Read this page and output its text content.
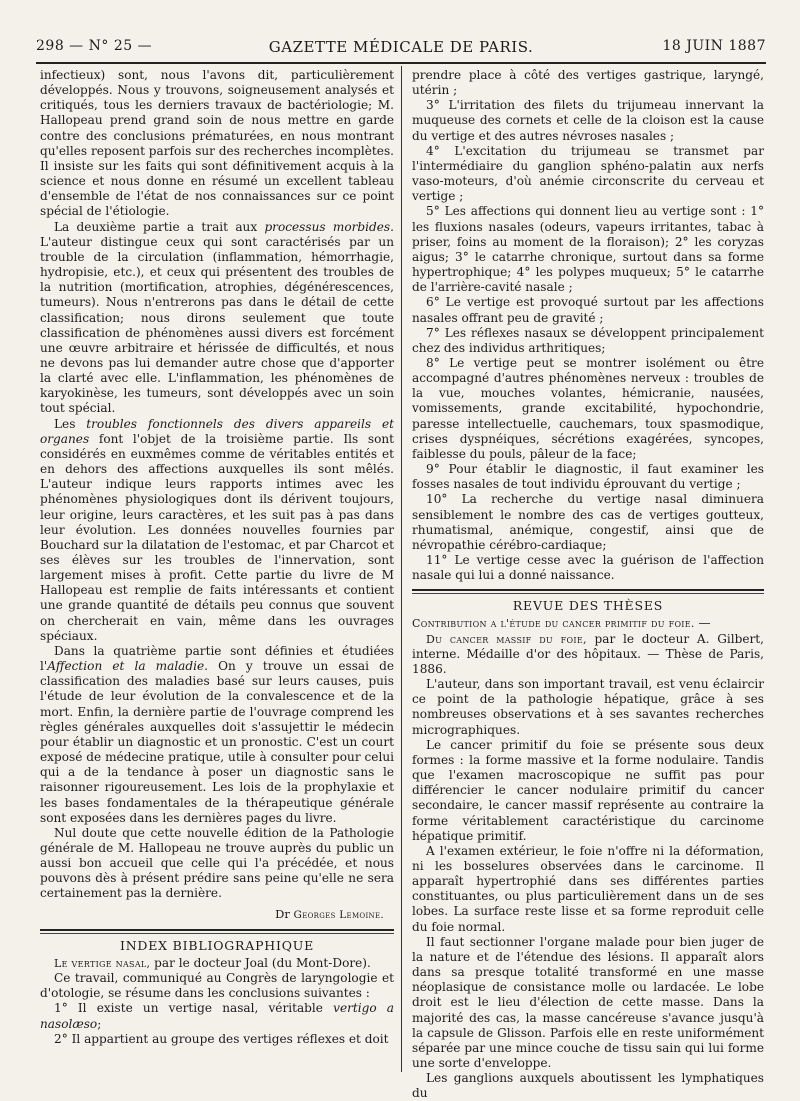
298 — N° 25 —	GAZETTE MÉDICALE DE PARIS.	18 JUIN 1887

infectieux) sont, nous l'avons dit, particulièrement développés. Nous y trouvons, soigneusement analysés et critiqués, tous les derniers travaux de bactériologie; M. Hallopeau prend grand soin de nous mettre en garde contre des conclusions prématurées, en nous montrant qu'elles reposent parfois sur des recherches incomplètes. Il insiste sur les faits qui sont définitivement acquis à la science et nous donne en résumé un excellent tableau d'ensemble de l'état de nos connaissances sur ce point spécial de l'étiologie.

La deuxième partie a trait aux processus morbides. L'auteur distingue ceux qui sont caractérisés par un trouble de la circulation (inflammation, hémorrhagie, hydropisie, etc.), et ceux qui présentent des troubles de la nutrition (mortification, atrophies, dégénérescences, tumeurs). Nous n'entrerons pas dans le détail de cette classification; nous dirons seulement que toute classification de phénomènes aussi divers est forcément une œuvre arbitraire et hérissée de difficultés, et nous ne devons pas lui demander autre chose que d'apporter la clarté avec elle. L'inflammation, les phénomènes de karyokinèse, les tumeurs, sont développés avec un soin tout spécial.

Les troubles fonctionnels des divers appareils et organes font l'objet de la troisième partie. Ils sont considérés en euxmêmes comme de véritables entités et en dehors des affections auxquelles ils sont mêlés. L'auteur indique leurs rapports intimes avec les phénomènes physiologiques dont ils dérivent toujours, leur origine, leurs caractères, et les suit pas à pas dans leur évolution. Les données nouvelles fournies par Bouchard sur la dilatation de l'estomac, et par Charcot et ses élèves sur les troubles de l'innervation, sont largement mises à profit. Cette partie du livre de M Hallopeau est remplie de faits intéressants et contient une grande quantité de détails peu connus que souvent on chercherait en vain, même dans les ouvrages spéciaux.

Dans la quatrième partie sont définies et étudiées l'Affection et la maladie. On y trouve un essai de classification des maladies basé sur leurs causes, puis l'étude de leur évolution de la convalescence et de la mort. Enfin, la dernière partie de l'ouvrage comprend les règles générales auxquelles doit s'assujettir le médecin pour établir un diagnostic et un pronostic. C'est un court exposé de médecine pratique, utile à consulter pour celui qui a de la tendance à poser un diagnostic sans le raisonner rigoureusement. Les lois de la prophylaxie et les bases fondamentales de la thérapeutique générale sont exposées dans les dernières pages du livre.

Nul doute que cette nouvelle édition de la Pathologie générale de M. Hallopeau ne trouve auprès du public un aussi bon accueil que celle qui l'a précédée, et nous pouvons dès à présent prédire sans peine qu'elle ne sera certainement pas la dernière.

Dr Georges Lemoine.
INDEX BIBLIOGRAPHIQUE

Le vertige nasal, par le docteur Joal (du Mont-Dore).

Ce travail, communiqué au Congrès de laryngologie et d'otologie, se résume dans les conclusions suivantes :

1° Il existe un vertige nasal, véritable vertigo a nasolæso;

2° Il appartient au groupe des vertiges réflexes et doit

prendre place à côté des vertiges gastrique, laryngé, utérin ;

3° L'irritation des filets du trijumeau innervant la muqueuse des cornets et celle de la cloison est la cause du vertige et des autres névroses nasales ;

4° L'excitation du trijumeau se transmet par l'intermédiaire du ganglion sphéno-palatin aux nerfs vaso-moteurs, d'où anémie circonscrite du cerveau et vertige ;

5° Les affections qui donnent lieu au vertige sont : 1° les fluxions nasales (odeurs, vapeurs irritantes, tabac à priser, foins au moment de la floraison); 2° les coryzas aigus; 3° le catarrhe chronique, surtout dans sa forme hypertrophique; 4° les polypes muqueux; 5° le catarrhe de l'arrière-cavité nasale ;

6° Le vertige est provoqué surtout par les affections nasales offrant peu de gravité ;

7° Les réflexes nasaux se développent principalement chez des individus arthritiques;

8° Le vertige peut se montrer isolément ou être accompagné d'autres phénomènes nerveux : troubles de la vue, mouches volantes, hémicranie, nausées, vomissements, grande excitabilité, hypochondrie, paresse intellectuelle, cauchemars, toux spasmodique, crises dyspnéiques, sécrétions exagérées, syncopes, faiblesse du pouls, pâleur de la face;

9° Pour établir le diagnostic, il faut examiner les fosses nasales de tout individu éprouvant du vertige ;

10° La recherche du vertige nasal diminuera sensiblement le nombre des cas de vertiges goutteux, rhumatismal, anémique, congestif, ainsi que de névropathie cérébro-cardiaque;

11° Le vertige cesse avec la guérison de l'affection nasale qui lui a donné naissance.

REVUE DES THÈSES

Contribution a l'étude du cancer primitif du foie. —

Du cancer massif du foie, par le docteur A. Gilbert, interne. Médaille d'or des hôpitaux. — Thèse de Paris, 1886.

L'auteur, dans son important travail, est venu éclaircir ce point de la pathologie hépatique, grâce à ses nombreuses observations et à ses savantes recherches micrographiques.

Le cancer primitif du foie se présente sous deux formes : la forme massive et la forme nodulaire. Tandis que l'examen macroscopique ne suffit pas pour différencier le cancer nodulaire primitif du cancer secondaire, le cancer massif représente au contraire la forme véritablement caractéristique du carcinome hépatique primitif.

A l'examen extérieur, le foie n'offre ni la déformation, ni les bosselures observées dans le carcinome. Il apparaît hypertrophié dans ses différentes parties constituantes, ou plus particulièrement dans un de ses lobes. La surface reste lisse et sa forme reproduit celle du foie normal.

Il faut sectionner l'organe malade pour bien juger de la nature et de l'étendue des lésions. Il apparaît alors dans sa presque totalité transformé en une masse néoplasique de consistance molle ou lardacée. Le lobe droit est le lieu d'élection de cette masse. Dans la majorité des cas, la masse cancéreuse s'avance jusqu'à la capsule de Glisson. Parfois elle en reste uniformément séparée par une mince couche de tissu sain qui lui forme une sorte d'enveloppe.

Les ganglions auxquels aboutissent les lymphatiques du
